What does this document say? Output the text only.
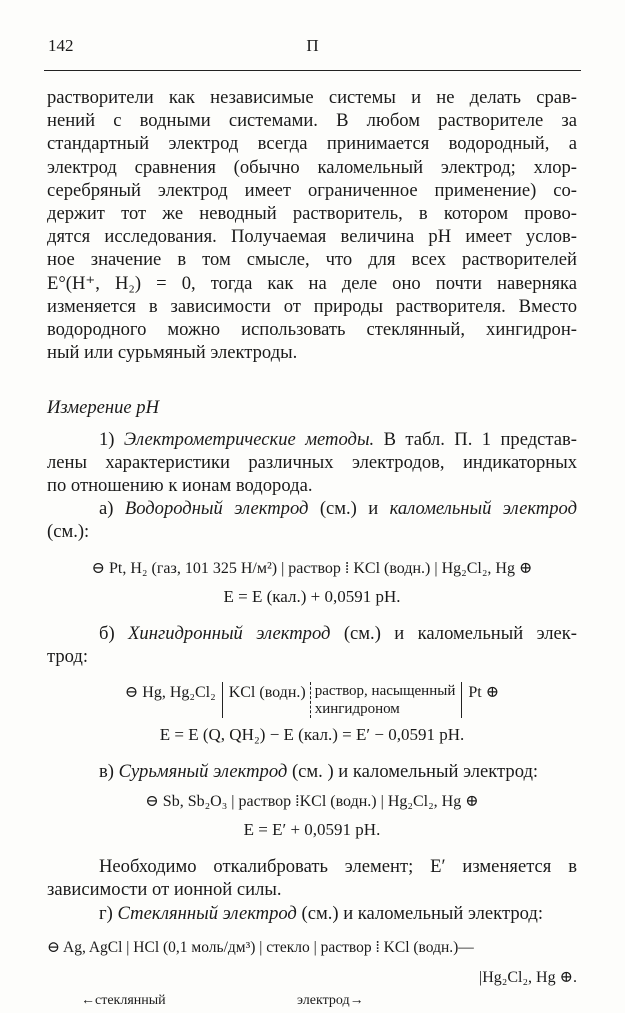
142	П

растворители как независимые системы и не делать срав-
нений с водными системами. В любом растворителе за
стандартный электрод всегда принимается водородный, а
электрод сравнения (обычно каломельный электрод; хлор-
серебряный электрод имеет ограниченное применение) со-
держит тот же неводный растворитель, в котором прово-
дятся исследования. Получаемая величина pH имеет услов-
ное значение в том смысле, что для всех растворителей
E°(H⁺, H₂) = 0, тогда как на деле оно почти наверняка
изменяется в зависимости от природы растворителя. Вместо
водородного можно использовать стеклянный, хингидрон-
ный или сурьмяный электроды.

Измерение pH

1) Электрометрические методы. В табл. П. 1 представ-
лены характеристики различных электродов, индикаторных
по отношению к ионам водорода.

а) Водородный электрод (см.) и каломельный электрод
(см.):

⊖ Pt, H₂ (газ, 101 325 Н/м²) | раствор ⁞ KCl (водн.) | Hg₂Cl₂, Hg ⊕
E = E (кал.) + 0,0591 pH.

б) Хингидронный электрод (см.) и каломельный элек-
трод:

⊖ Hg, Hg₂Cl₂ KCl (водн.) раствор, насыщенный
хингидрономPt ⊕
E = E (Q, QH₂) − E (кал.) = E′ − 0,0591 pH.

в) Сурьмяный электрод (см. ) и каломельный электрод:

⊖ Sb, Sb₂O₃ | раствор ⁞KCl (водн.) | Hg₂Cl₂, Hg ⊕
E = E′ + 0,0591 pH.

Необходимо откалибровать элемент; E′ изменяется в
зависимости от ионной силы.

г) Стеклянный электрод (см.) и каломельный электрод:

⊖ Ag, AgCl | HCl (0,1 моль/дм³) | стекло | раствор ⁞ KCl (водн.)—
|Hg₂Cl₂, Hg ⊕.
←стеклянный	электрод→
